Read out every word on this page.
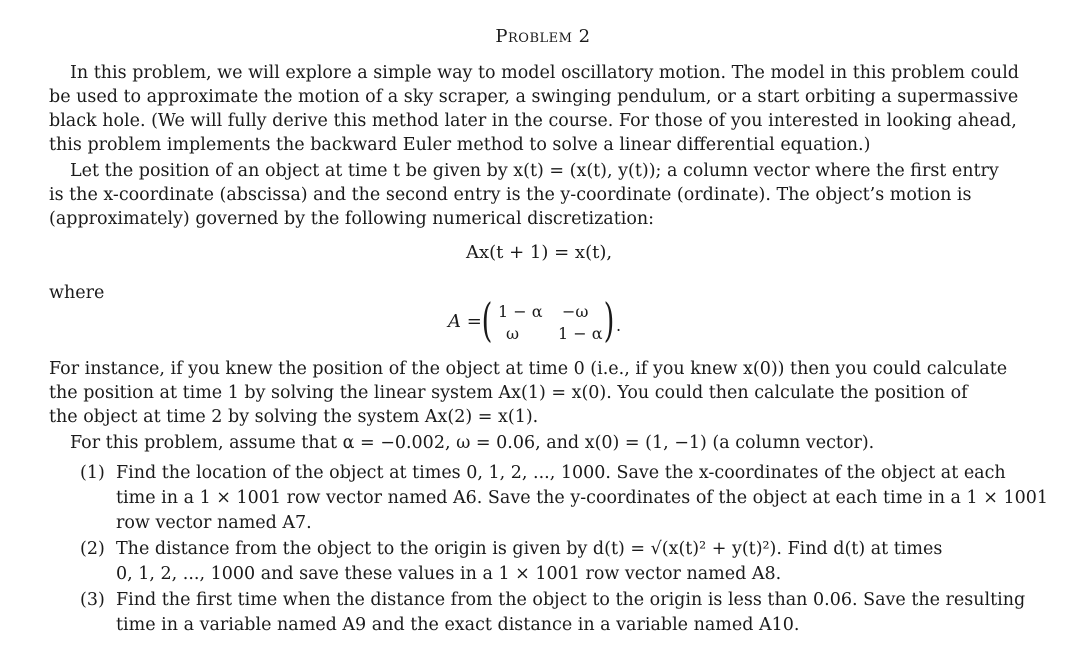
Problem 2
In this problem, we will explore a simple way to model oscillatory motion. The model in this problem could
be used to approximate the motion of a sky scraper, a swinging pendulum, or a start orbiting a supermassive
black hole. (We will fully derive this method later in the course. For those of you interested in looking ahead,
this problem implements the backward Euler method to solve a linear differential equation.)
Let the position of an object at time t be given by x(t) = (x(t), y(t)); a column vector where the first entry
is the x-coordinate (abscissa) and the second entry is the y-coordinate (ordinate). The object’s motion is
(approximately) governed by the following numerical discretization:
Ax(t + 1) = x(t),
where
A = ( 1 − α −ω
ω 1 − α ) .
For instance, if you knew the position of the object at time 0 (i.e., if you knew x(0)) then you could calculate
the position at time 1 by solving the linear system Ax(1) = x(0). You could then calculate the position of
the object at time 2 by solving the system Ax(2) = x(1).
For this problem, assume that α = −0.002, ω = 0.06, and x(0) = (1, −1) (a column vector).
(1) Find the location of the object at times 0, 1, 2, ..., 1000. Save the x-coordinates of the object at each
time in a 1 × 1001 row vector named A6. Save the y-coordinates of the object at each time in a 1 × 1001
row vector named A7.
(2) The distance from the object to the origin is given by d(t) = √(x(t)² + y(t)²). Find d(t) at times
0, 1, 2, ..., 1000 and save these values in a 1 × 1001 row vector named A8.
(3) Find the first time when the distance from the object to the origin is less than 0.06. Save the resulting
time in a variable named A9 and the exact distance in a variable named A10.
